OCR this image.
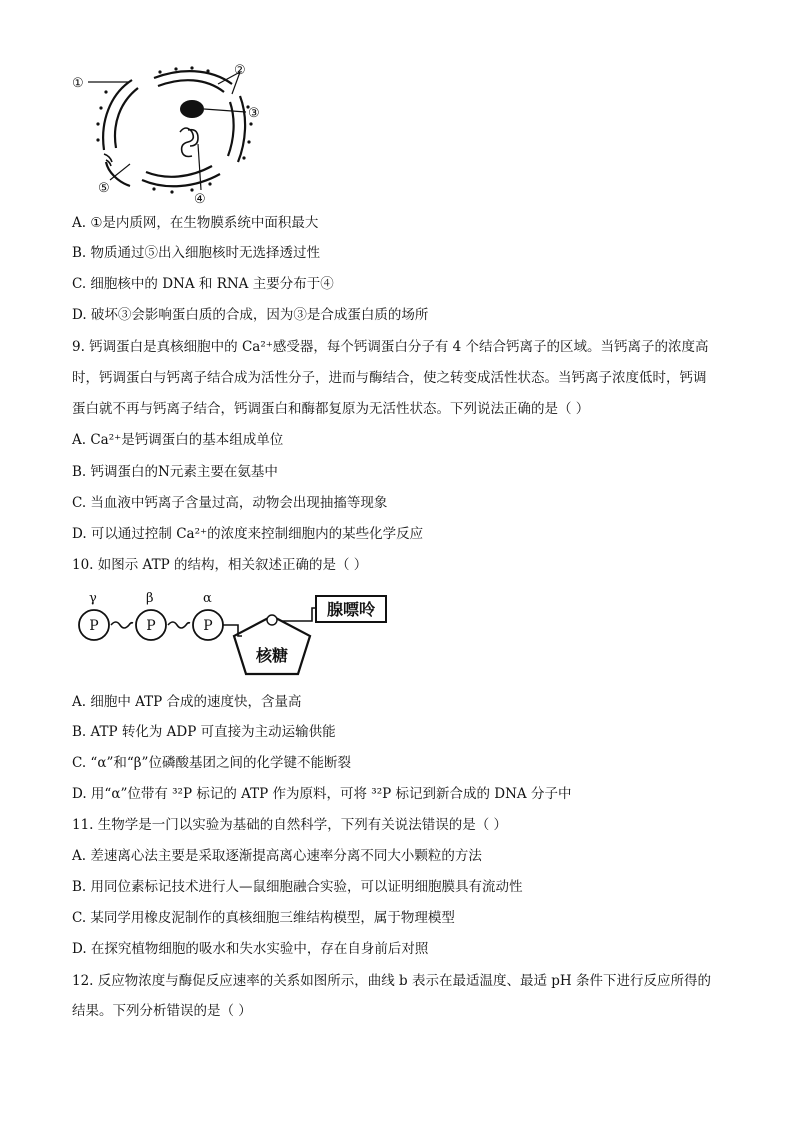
①
②
③
④
⑤
A. ①是内质网，在生物膜系统中面积最大
B. 物质通过⑤出入细胞核时无选择透过性
C. 细胞核中的 DNA 和 RNA 主要分布于④
D. 破坏③会影响蛋白质的合成，因为③是合成蛋白质的场所
9. 钙调蛋白是真核细胞中的 Ca²⁺感受器，每个钙调蛋白分子有 4 个结合钙离子的区域。当钙离子的浓度高
时，钙调蛋白与钙离子结合成为活性分子，进而与酶结合，使之转变成活性状态。当钙离子浓度低时，钙调
蛋白就不再与钙离子结合，钙调蛋白和酶都复原为无活性状态。下列说法正确的是（ ）
A. Ca²⁺是钙调蛋白的基本组成单位
B. 钙调蛋白的N元素主要在氨基中
C. 当血液中钙离子含量过高，动物会出现抽搐等现象
D. 可以通过控制 Ca²⁺的浓度来控制细胞内的某些化学反应
10. 如图示 ATP 的结构，相关叙述正确的是（ ）
γ	β	α
P	P	P
腺嘌呤
核糖
A. 细胞中 ATP 合成的速度快，含量高
B. ATP 转化为 ADP 可直接为主动运输供能
C. “α”和“β”位磷酸基团之间的化学键不能断裂
D. 用“α”位带有 ³²P 标记的 ATP 作为原料，可将 ³²P 标记到新合成的 DNA 分子中
11. 生物学是一门以实验为基础的自然科学，下列有关说法错误的是（ ）
A. 差速离心法主要是采取逐渐提高离心速率分离不同大小颗粒的方法
B. 用同位素标记技术进行人—鼠细胞融合实验，可以证明细胞膜具有流动性
C. 某同学用橡皮泥制作的真核细胞三维结构模型，属于物理模型
D. 在探究植物细胞的吸水和失水实验中，存在自身前后对照
12. 反应物浓度与酶促反应速率的关系如图所示，曲线 b 表示在最适温度、最适 pH 条件下进行反应所得的
结果。下列分析错误的是（ ）
